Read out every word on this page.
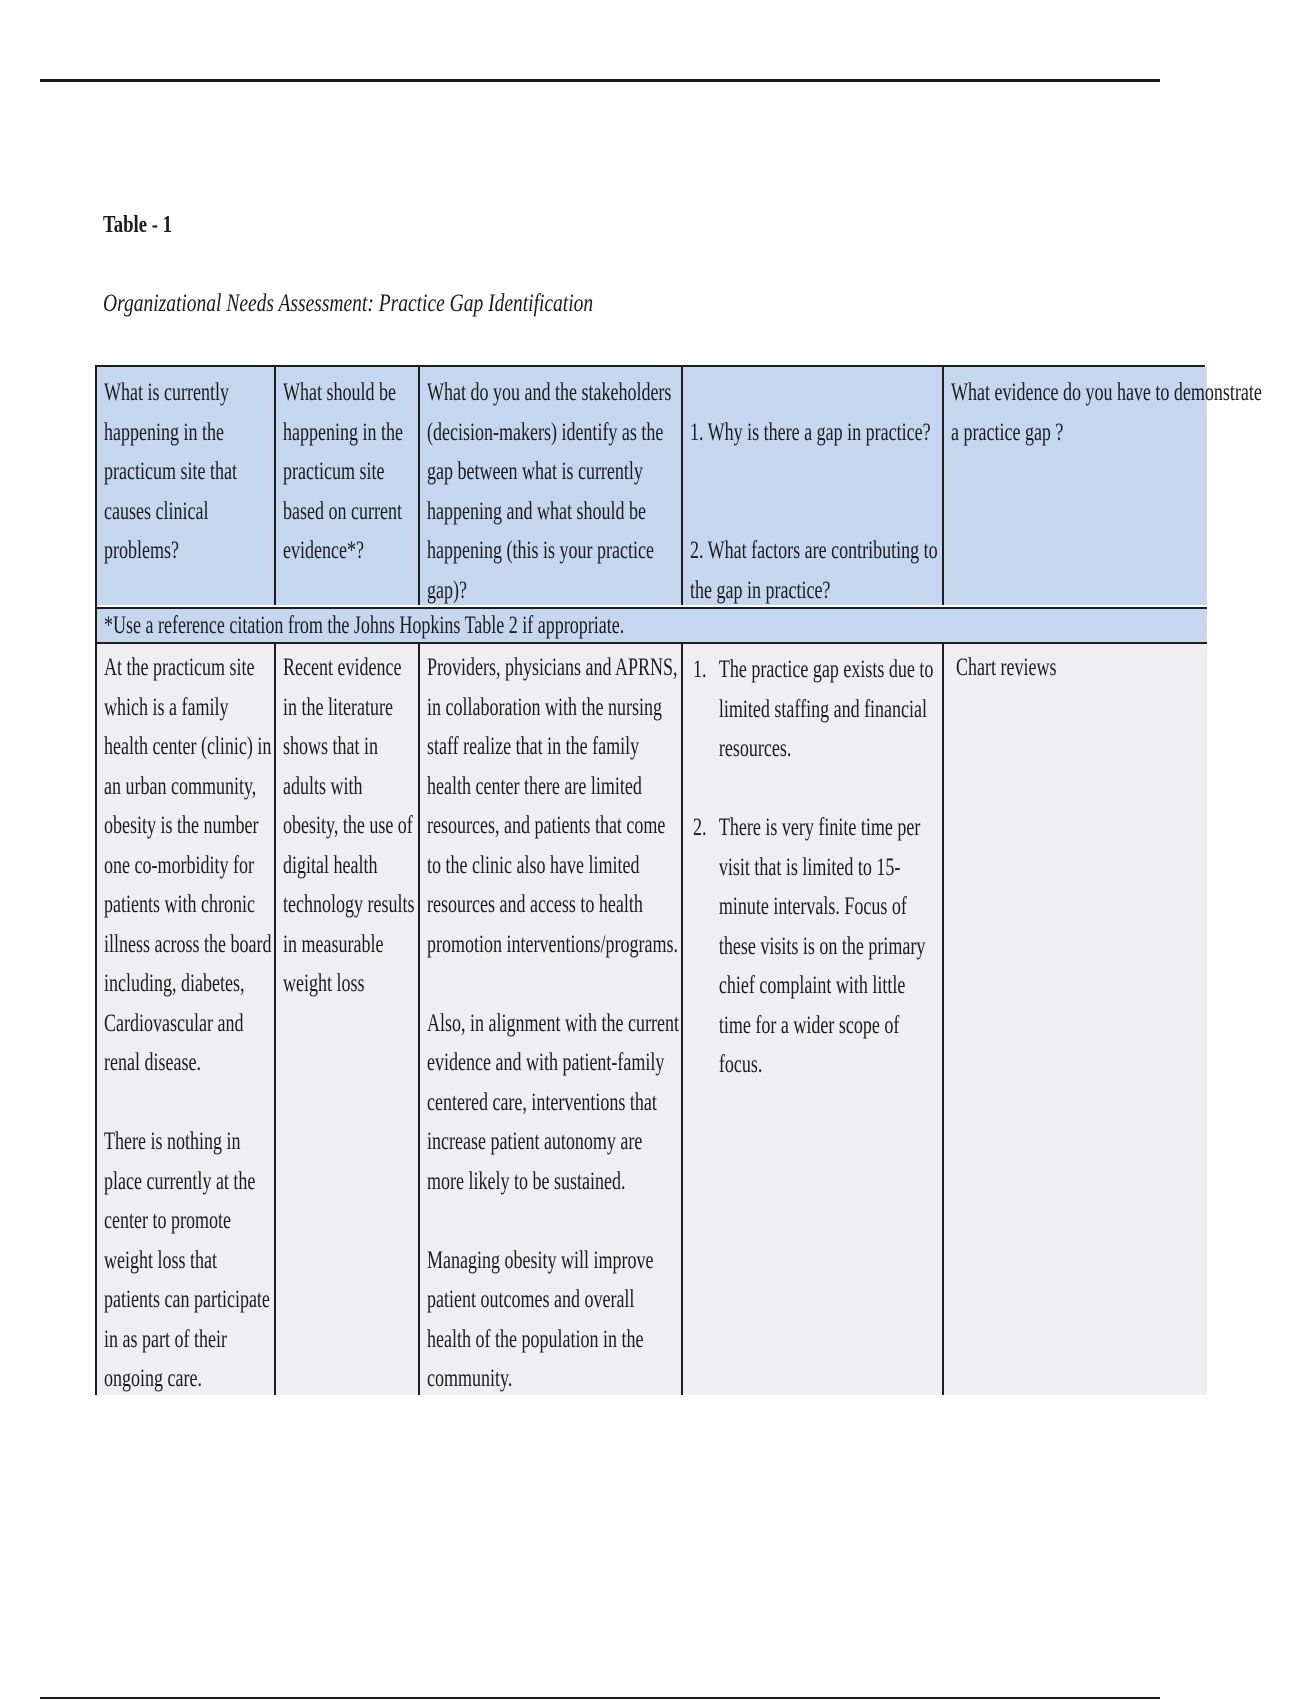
Table - 1
Organizational Needs Assessment: Practice Gap Identification
What is currently happening in the practicum site that causes clinical problems?
What should be happening in the practicum site based on current evidence*?
What do you and the stakeholders (decision-makers) identify as the gap between what is currently happening and what should be happening (this is your practice gap)?

1. Why is there a gap in practice?

2. What factors are contributing to the gap in practice?

What evidence do you have to demonstrate
a practice gap ?
*Use a reference citation from the Johns Hopkins Table 2 if appropriate.
At the practicum site which is a family health center (clinic) in an urban community, obesity is the number one co-morbidity for patients with chronic illness across the board including, diabetes, Cardiovascular and renal disease.
There is nothing in place currently at the center to promote weight loss that patients can participate in as part of their ongoing care.
Recent evidence in the literature shows that in adults with obesity, the use of digital health technology results in measurable weight loss
Providers, physicians and APRNS, in collaboration with the nursing staff realize that in the family health center there are limited resources, and patients that come to the clinic also have limited resources and access to health promotion interventions/programs.
Also, in alignment with the current evidence and with patient-family centered care, interventions that increase patient autonomy are more likely to be sustained.
Managing obesity will improve patient outcomes and overall health of the population in the community.
1. The practice gap exists due to limited staffing and financial resources.
2. There is very finite time per visit that is limited to 15-minute intervals. Focus of these visits is on the primary chief complaint with little time for a wider scope of focus.
Chart reviews
